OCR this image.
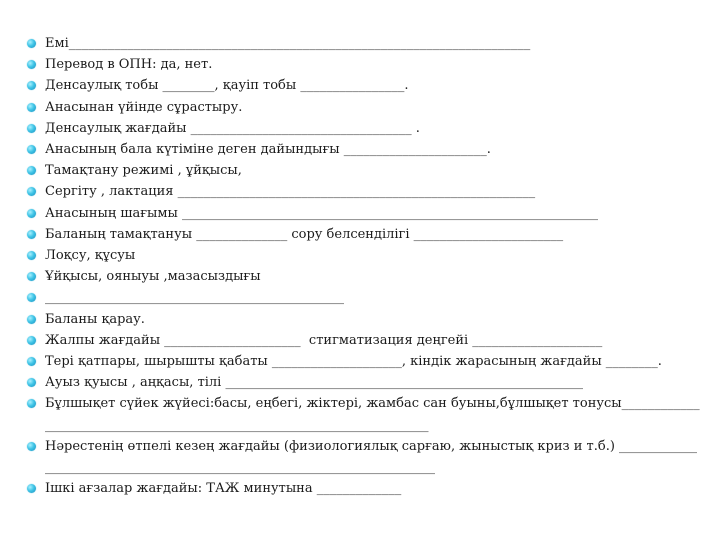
Емі_______________________________________________________________________
Перевод в ОПН: да, нет.
Денсаулық тобы ________, қауіп тобы ________________.
Анасынан үйінде сұрастыру.
Денсаулық жағдайы __________________________________ .
Анасының бала күтіміне деген дайындығы ______________________.
Тамақтану режимі , ұйқысы,
Сергіту , лактация _______________________________________________________
Анасының шағымы ________________________________________________________________
Баланың тамақтануы ______________ сору белсенділігі _______________________
Лоқсу, құсуы
Ұйқысы, ояныуы ,мазасыздығы
______________________________________________
Баланы қарау.
Жалпы жағдайы _____________________  стигматизация деңгейі ____________________
Тері қатпары, шырышты қабаты ____________________, кіндік жарасының жағдайы ________.
Ауыз қуысы , аңқасы, тілі _______________________________________________________
Бұлшықет сүйек жүйесі:басы, еңбегі, жіктері, жамбас сан буыны,бұлшықет тонусы_______________________________________________________________________
Нәрестенің өтпелі кезең жағдайы (физиологиялық сарғаю, жыныстық криз и т.б.) ________________________________________________________________________
Ішкі ағзалар жағдайы: ТАЖ минутына _____________
